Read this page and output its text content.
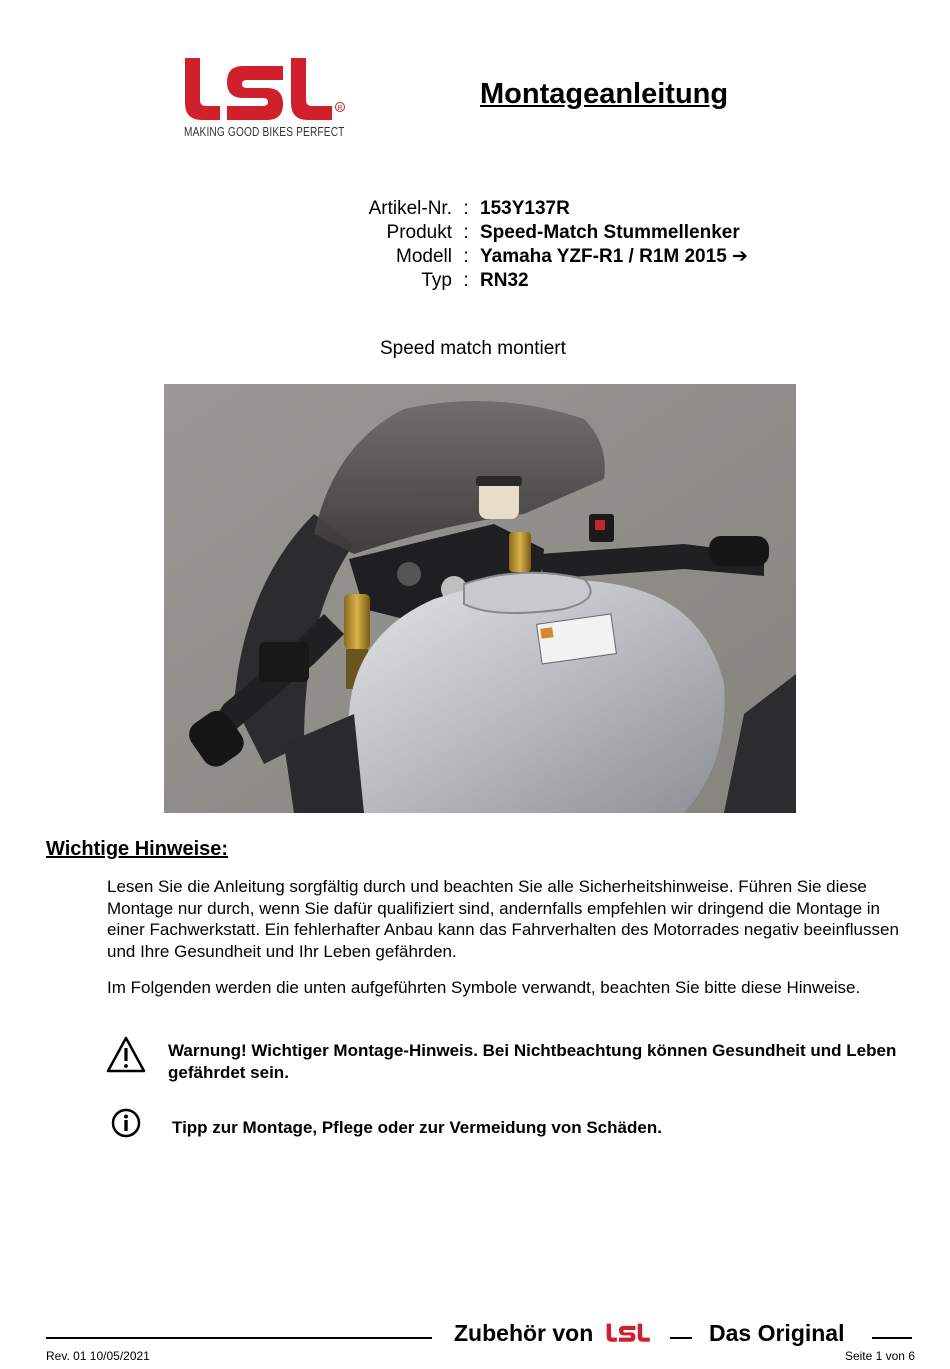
R
MAKING GOOD BIKES PERFECT
Montageanleitung
Artikel-Nr. : 153Y137R
Produkt : Speed-Match Stummellenker
Modell : Yamaha YZF-R1 / R1M 2015 ➔
Typ : RN32
Speed match montiert
Wichtige Hinweise:
Lesen Sie die Anleitung sorgfältig durch und beachten Sie alle Sicherheitshinweise. Führen Sie diese Montage nur durch, wenn Sie dafür qualifiziert sind, andernfalls empfehlen wir dringend die Montage in einer Fachwerkstatt. Ein fehlerhafter Anbau kann das Fahrverhalten des Motorrades negativ beeinflussen und Ihre Gesundheit und Ihr Leben gefährden.
Im Folgenden werden die unten aufgeführten Symbole verwandt, beachten Sie bitte diese Hinweise.
Warnung! Wichtiger Montage-Hinweis. Bei Nichtbeachtung können Gesundheit und Leben gefährdet sein.
Tipp zur Montage, Pflege oder zur Vermeidung von Schäden.
Zubehör von	Das Original
Rev. 01 10/05/2021	Seite 1 von 6
